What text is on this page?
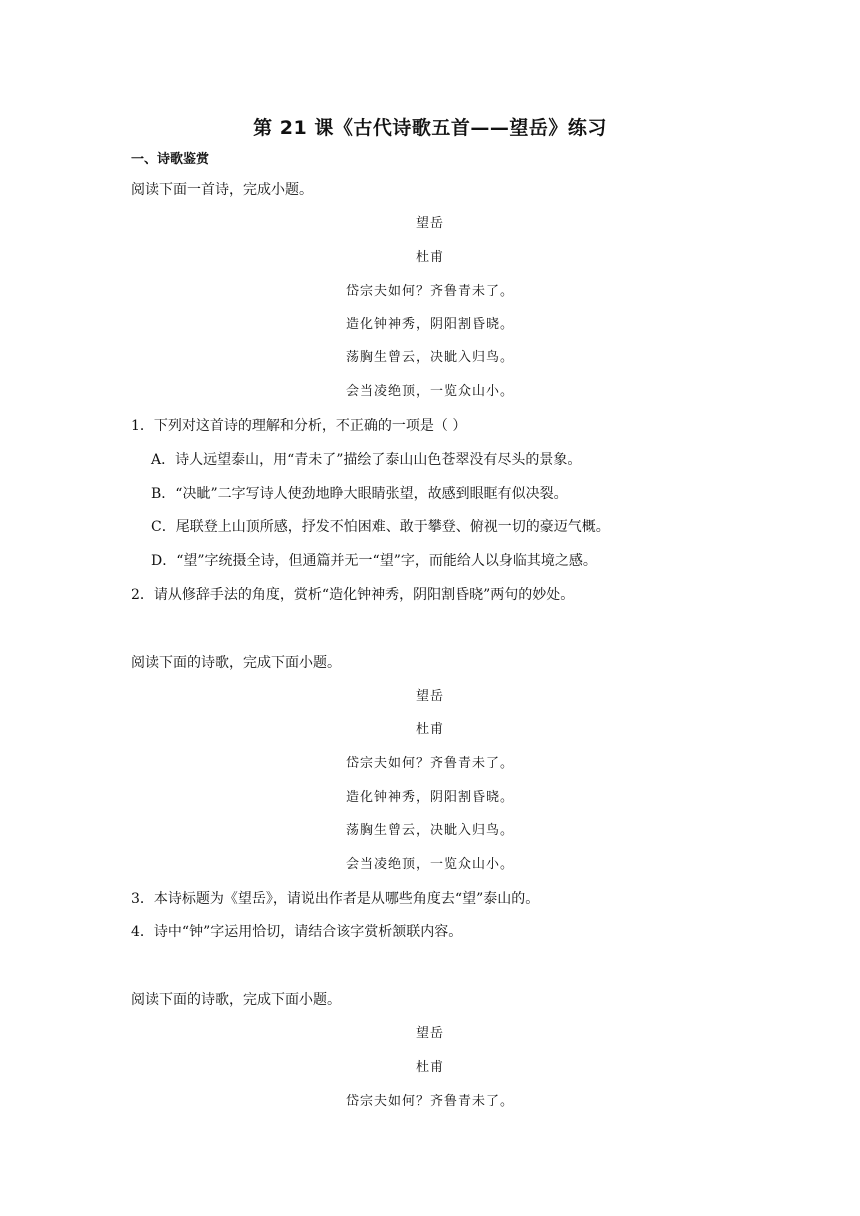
第 21 课《古代诗歌五首——望岳》练习
一、诗歌鉴赏
阅读下面一首诗，完成小题。
望岳
杜甫
岱宗夫如何？齐鲁青未了。
造化钟神秀，阴阳割昏晓。
荡胸生曾云，决眦入归鸟。
会当凌绝顶，一览众山小。
1．下列对这首诗的理解和分析，不正确的一项是（ ）
A．诗人远望泰山，用“青未了”描绘了泰山山色苍翠没有尽头的景象。
B．“决眦”二字写诗人使劲地睁大眼睛张望，故感到眼眶有似决裂。
C．尾联登上山顶所感，抒发不怕困难、敢于攀登、俯视一切的豪迈气概。
D．“望”字统摄全诗，但通篇并无一“望”字，而能给人以身临其境之感。
2．请从修辞手法的角度，赏析“造化钟神秀，阴阳割昏晓”两句的妙处。
阅读下面的诗歌，完成下面小题。
望岳
杜甫
岱宗夫如何？齐鲁青未了。
造化钟神秀，阴阳割昏晓。
荡胸生曾云，决眦入归鸟。
会当凌绝顶，一览众山小。
3．本诗标题为《望岳》，请说出作者是从哪些角度去“望”泰山的。
4．诗中“钟”字运用恰切，请结合该字赏析颔联内容。
阅读下面的诗歌，完成下面小题。
望岳
杜甫
岱宗夫如何？齐鲁青未了。
